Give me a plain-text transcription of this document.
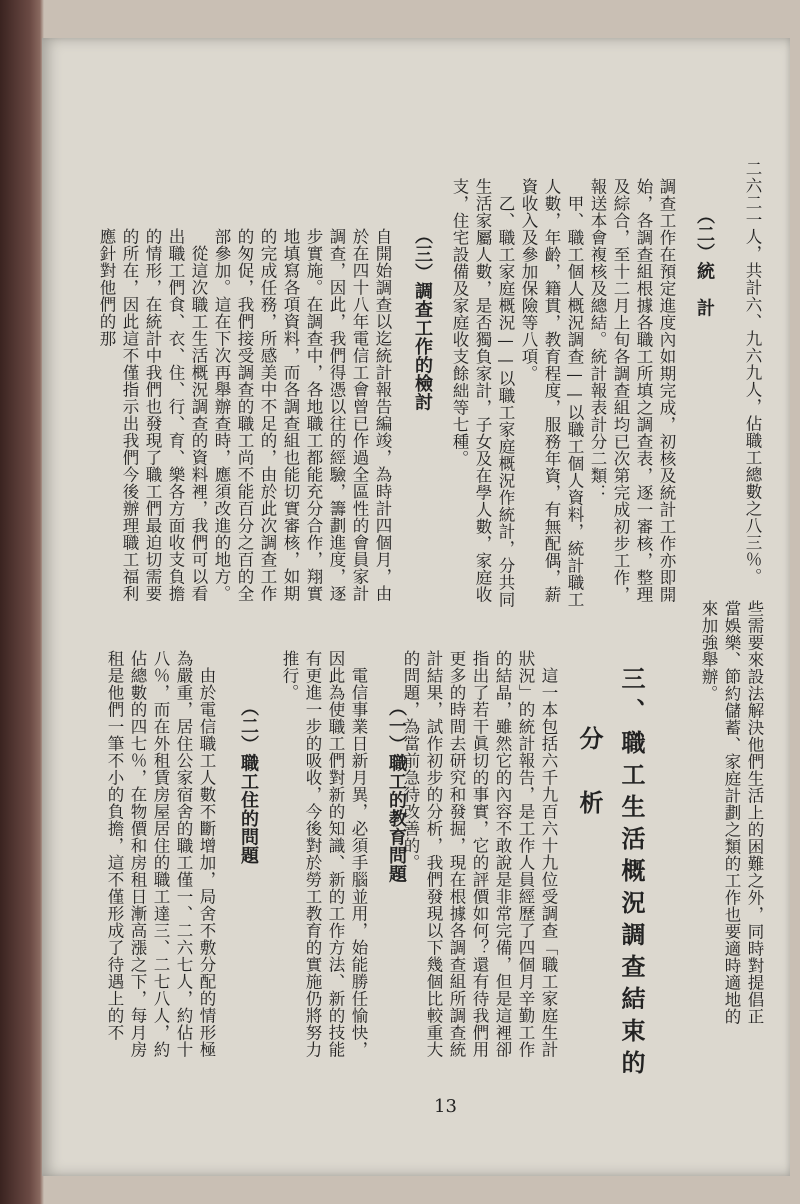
二六二一人，共計六、九六九人，佔職工總數之八三％。
（二）統　計
調查工作在預定進度內如期完成，初核及統計工作亦即開始，各調查組根據各職工所填之調查表，逐一審核，整理及綜合，至十二月上旬各調查組均已次第完成初步工作，報送本會複核及總結。統計報表計分二類：
　甲、職工個人概況調查——以職工個人資料，統計職工人數，年齡，籍貫，教育程度，服務年資，有無配偶，薪資收入及參加保險等八項。
　乙、職工家庭概況——以職工家庭概況作統計，分共同生活家屬人數，是否獨負家計，子女及在學人數，家庭收支，住宅設備及家庭收支餘絀等七種。
（三）調查工作的檢討
自開始調查以迄統計報告編竣，為時計四個月，由於在四十八年電信工會曾已作過全區性的會員家計調查，因此，我們得憑以往的經驗，籌劃進度，逐步實施。在調查中，各地職工都能充分合作，翔實地填寫各項資料，而各調查組也能切實審核，如期的完成任務，所感美中不足的，由於此次調查工作的匆促，我們接受調查的職工尚不能百分之百的全部參加。這在下次再舉辦查時，應須改進的地方。
　從這次職工生活概況調查的資料裡，我們可以看出職工們食、衣、住、行、育、樂各方面收支負擔的情形，在統計中我們也發現了職工們最迫切需要的所在，因此這不僅指示出我們今後辦理職工福利應針對他們的那
些需要來設法解決他們生活上的困難之外，同時對提倡正當娛樂、節約儲蓄、家庭計劃之類的工作也要適時適地的來加強舉辦。
三、職工生活概況調查結束的
分　析
　這一本包括六千九百六十九位受調查「職工家庭生計狀況」的統計報告，是工作人員經歷了四個月辛勤工作的結晶，雖然它的內容不敢說是非常完備，但是這裡卻指出了若干眞切的事實，它的評價如何？還有待我們用更多的時間去研究和發掘，現在根據各調查組所調查統計結果，試作初步的分析，我們發現以下幾個比較重大的問題，為當前急待改善的。
（一）職工的教育問題
　電信事業日新月異，必須手腦並用，始能勝任愉快，因此為使職工們對新的知識、新的工作方法、新的技能有更進一步的吸收，今後對於勞工教育的實施仍將努力推行。
（二）職工住的問題
　由於電信職工人數不斷增加，局舍不敷分配的情形極為嚴重，居住公家宿舍的職工僅一、二六七人，約佔十八％，而在外租賃房屋居住的職工達三、二七八人，約佔總數的四七％，在物價和房租日漸高漲之下，每月房租是他們一筆不小的負擔，這不僅形成了待遇上的不
13
